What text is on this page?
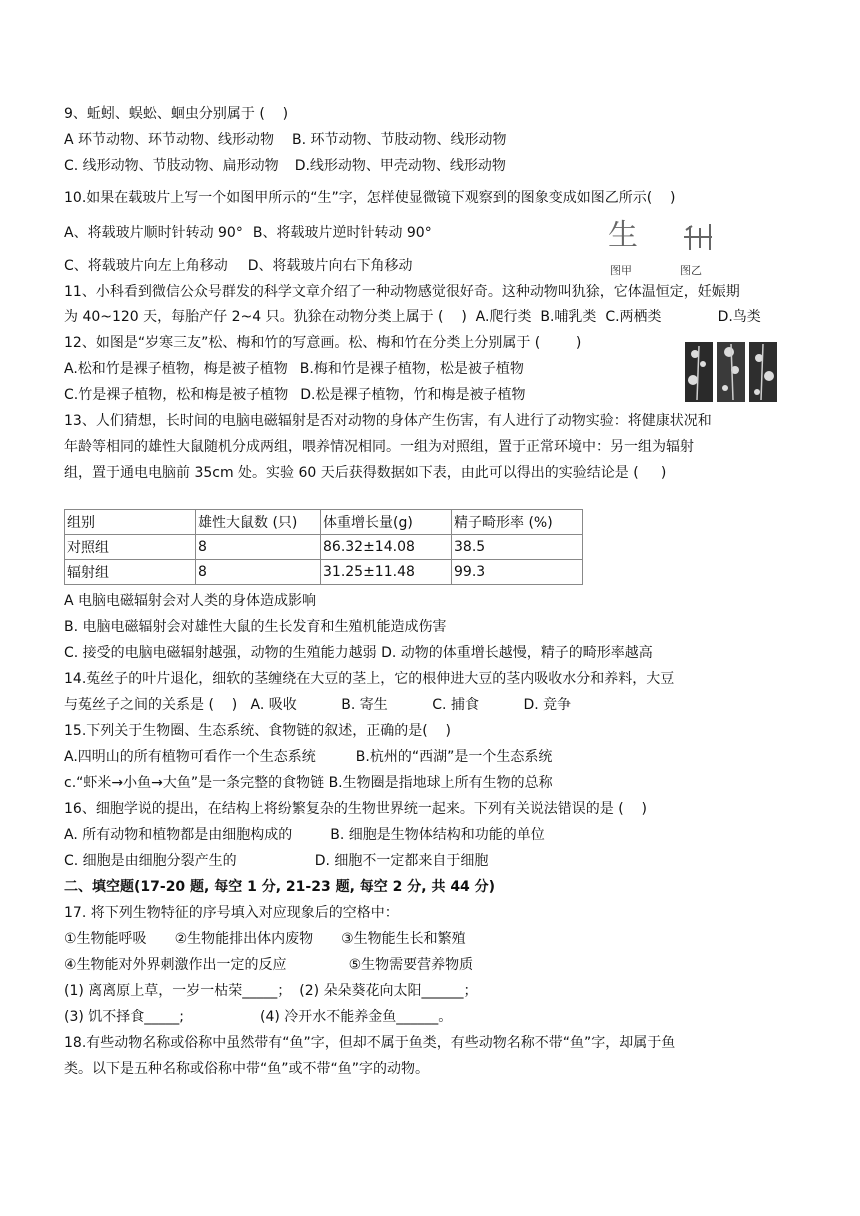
9、蚯蚓、蜈蚣、蛔虫分别属于 (    )
A 环节动物、环节动物、线形动物 B. 环节动物、节肢动物、线形动物
C. 线形动物、节肢动物、扁形动物 D.线形动物、甲壳动物、线形动物
10.如果在载玻片上写一个如图甲所示的“生”字，怎样使显微镜下观察到的图象变成如图乙所示(    )
A、将载玻片顺时针转动 90° B、将载玻片逆时针转动 90°
C、将载玻片向左上角移动 D、将载玻片向右下角移动
生
图甲	图乙
11、小科看到微信公众号群发的科学文章介绍了一种动物感觉很好奇。这种动物叫犰狳，它体温恒定，妊娠期
为 40~120 天，每胎产仔 2~4 只。犰狳在动物分类上属于 (    )  A.爬行类  B.哺乳类  C.两栖类	D.鸟类
12、如图是“岁寒三友”松、梅和竹的写意画。松、梅和竹在分类上分别属于 (        )
A.松和竹是裸子植物，梅是被子植物 B.梅和竹是裸子植物，松是被子植物
C.竹是裸子植物，松和梅是被子植物 D.松是裸子植物，竹和梅是被子植物
13、人们猜想，长时间的电脑电磁辐射是否对动物的身体产生伤害，有人进行了动物实验：将健康状况和
年龄等相同的雄性大鼠随机分成两组，喂养情况相同。一组为对照组，置于正常环境中：另一组为辐射
组，置于通电电脑前 35cm 处。实验 60 天后获得数据如下表，由此可以得出的实验结论是 (     )
组别	雄性大鼠数 (只)	体重增长量(g)	精子畸形率 (%)
对照组	8	86.32±14.08	38.5
辐射组	8	31.25±11.48	99.3
A 电脑电磁辐射会对人类的身体造成影响
B. 电脑电磁辐射会对雄性大鼠的生长发育和生殖机能造成伤害
C. 接受的电脑电磁辐射越强，动物的生殖能力越弱 D. 动物的体重增长越慢，精子的畸形率越高
14.菟丝子的叶片退化，细软的茎缠绕在大豆的茎上，它的根伸进大豆的茎内吸收水分和养料，大豆
与菟丝子之间的关系是 (    )   A. 吸收          B. 寄生          C. 捕食          D. 竞争
15.下列关于生物圈、生态系统、食物链的叙述，正确的是(    )
A.四明山的所有植物可看作一个生态系统	B.杭州的“西湖”是一个生态系统
c.“虾米→小鱼→大鱼”是一条完整的食物链 B.生物圈是指地球上所有生物的总称
16、细胞学说的提出，在结构上将纷繁复杂的生物世界统一起来。下列有关说法错误的是 (    )
A. 所有动物和植物都是由细胞构成的	B. 细胞是生物体结构和功能的单位
C. 细胞是由细胞分裂产生的	D. 细胞不一定都来自于细胞
二、填空题(17-20 题, 每空 1 分, 21-23 题, 每空 2 分, 共 44 分)
17. 将下列生物特征的序号填入对应现象后的空格中：
①生物能呼吸 ②生物能排出体内废物 ③生物能生长和繁殖
④生物能对外界刺激作出一定的反应	⑤生物需要营养物质
(1) 离离原上草，一岁一枯荣_____； (2) 朵朵葵花向太阳______；
(3) 饥不择食_____;	(4) 冷开水不能养金鱼______。
18.有些动物名称或俗称中虽然带有“鱼”字，但却不属于鱼类，有些动物名称不带“鱼”字，却属于鱼
类。以下是五种名称或俗称中带“鱼”或不带“鱼”字的动物。
